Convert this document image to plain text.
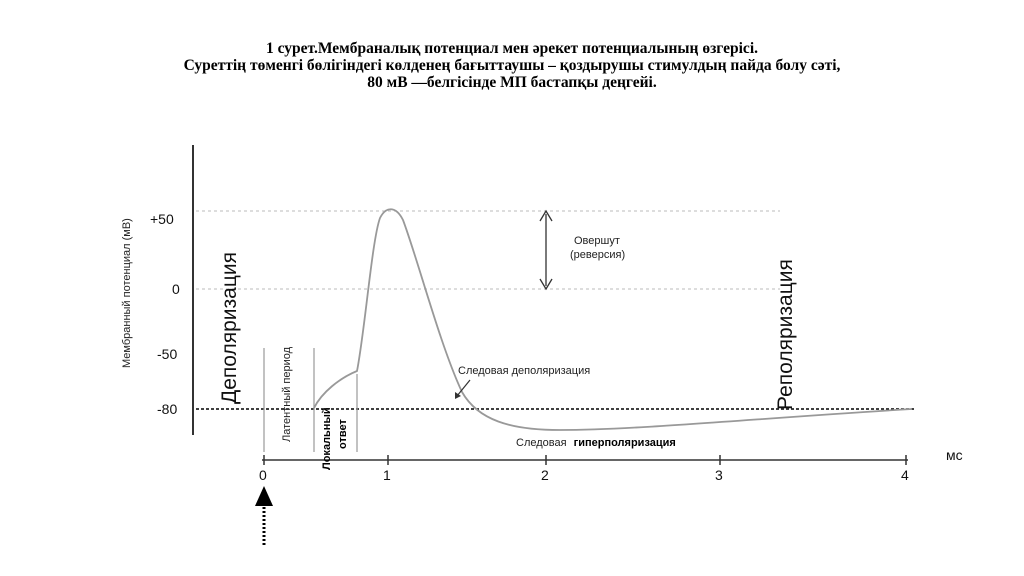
1 сурет.Мембраналық потенциал мен әрекет потенциалының өзгерісі.
Суреттің төменгі бөлігіндегі көлденең бағыттаушы – қоздырушы стимулдың пайда болу сәті,
80 мВ —белгісінде МП бастапқы деңгейі.
+50
0
-50
-80
Мембранный потенциал (мВ)	Деполяризация	Реполяризация
0	1	2	3	4
мс
Латентный период	Локальный ответ
Овершут
(реверсия)
Следовая деполяризация
Следовая гиперполяризация
